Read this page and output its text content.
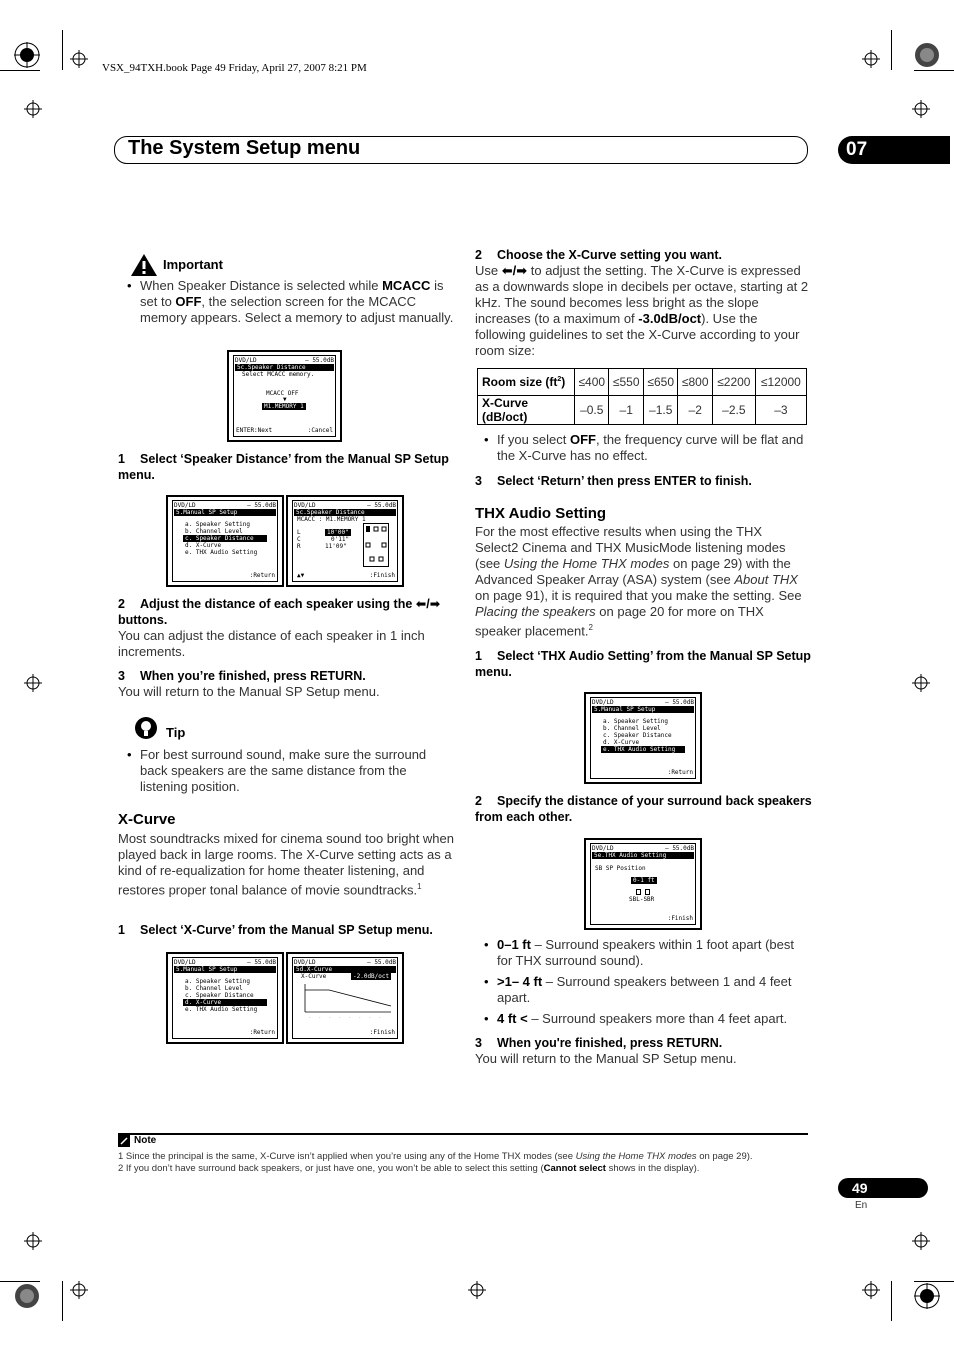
VSX_94TXH.book Page 49 Friday, April 27, 2007 8:21 PM
The System Setup menu	07
Important
• When Speaker Distance is selected while MCACC is set to OFF, the selection screen for the MCACC memory appears. Select a memory to adjust manually.
DVD/LD	– 55.0dB
5c.Speaker Distance
Select MCACC memory.
MCACC OFF
▼
M1.MEMORY 1
ENTER:Next	:Cancel
1 Select ‘Speaker Distance’ from the Manual SP Setup menu.
DVD/LD	– 55.0dB
5.Manual SP Setup
a. Speaker Setting
b. Channel Level
c. Speaker Distance
d. X-Curve
e. THX Audio Setting
:Return
DVD/LD	– 55.0dB
5c.Speaker Distance
MCACC : M1.MEMORY 1
L
C
R
10'00"
0'11"
11'09"
▲▼	:Finish
2 Adjust the distance of each speaker using the ⬅/➡ buttons.

You can adjust the distance of each speaker in 1 inch increments.

3 When you’re finished, press RETURN.

You will return to the Manual SP Setup menu.

Tip
• For best surround sound, make sure the surround back speakers are the same distance from the listening position.
X-Curve

Most soundtracks mixed for cinema sound too bright when played back in large rooms. The X-Curve setting acts as a kind of re-equalization for home theater listening, and restores proper tonal balance of movie soundtracks.$^1$

1 Select ‘X-Curve’ from the Manual SP Setup menu.
DVD/LD	– 55.0dB
5.Manual SP Setup
a. Speaker Setting
b. Channel Level
c. Speaker Distance
d. X-Curve
e. THX Audio Setting
:Return
DVD/LD	– 55.0dB
5d.X-Curve
X-Curve	-2.0dB/oct
·	·	·	·	·	·	·	·
:Finish
2 Choose the X-Curve setting you want.

Use ⬅/➡ to adjust the setting. The X-Curve is expressed as a downwards slope in decibels per octave, starting at 2 kHz. The sound becomes less bright as the slope increases (to a maximum of -3.0dB/oct). Use the following guidelines to set the X-Curve according to your room size:

Room size $(ft^2)$	≤400	≤550	≤650	≤800	≤2200	≤12000
X-Curve (dB/oct)	–0.5	–1	–1.5	–2	–2.5	–3
• If you select OFF, the frequency curve will be flat and the X-Curve has no effect.
3 Select ‘Return’ then press ENTER to finish.
THX Audio Setting

For the most effective results when using the THX Select2 Cinema and THX MusicMode listening modes (see Using the Home THX modes on page 29) with the Advanced Speaker Array (ASA) system (see About THX on page 91), it is required that you make the setting. See Placing the speakers on page 20 for more on THX speaker placement.$^2$

1 Select ‘THX Audio Setting’ from the Manual SP Setup menu.
DVD/LD	– 55.0dB
5.Manual SP Setup
a. Speaker Setting
b. Channel Level
c. Speaker Distance
d. X-Curve
e. THX Audio Setting
:Return
2 Specify the distance of your surround back speakers from each other.
DVD/LD	– 55.0dB
5e.THX Audio Setting
SB SP Position
0-1 ft
SBL-SBR
:Finish
• 0–1 ft – Surround speakers within 1 foot apart (best for THX surround sound).
• >1– 4 ft – Surround speakers between 1 and 4 feet apart.
• 4 ft < – Surround speakers more than 4 feet apart.
3 When you're finished, press RETURN.

You will return to the Manual SP Setup menu.

Note
1 Since the principal is the same, X-Curve isn’t applied when you’re using any of the Home THX modes (see Using the Home THX modes on page 29).
2 If you don’t have surround back speakers, or just have one, you won’t be able to select this setting (Cannot select shows in the display).
49
En
